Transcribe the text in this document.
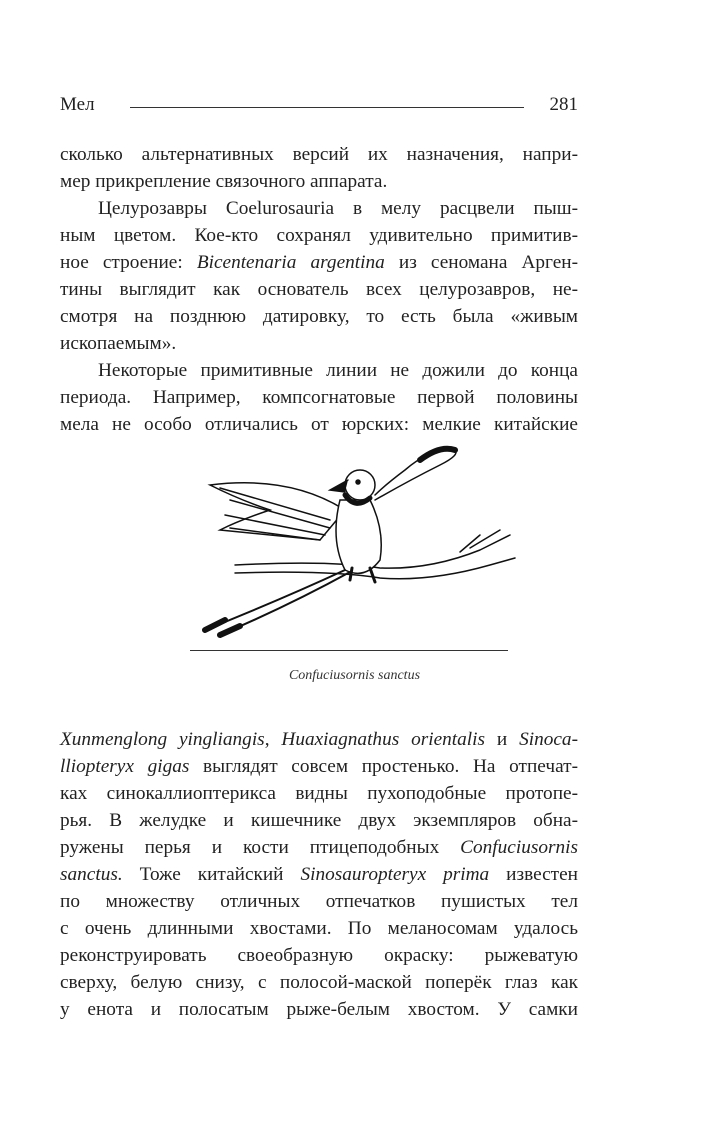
Мел	281
сколько альтернативных версий их назначения, напри-
мер прикрепление связочного аппарата.
Целурозавры Coelurosauria в мелу расцвели пыш-
ным цветом. Кое-кто сохранял удивительно примитив-
ное строение: Bicentenaria argentina из сеномана Арген-
тины выглядит как основатель всех целурозавров, не-
смотря на позднюю датировку, то есть была «живым
ископаемым».
Некоторые примитивные линии не дожили до конца
периода. Например, компсогнатовые первой половины
мела не особо отличались от юрских: мелкие китайские
Confuciusornis sanctus
Xunmenglong yingliangis, Huaxiagnathus orientalis и Sinoca-
lliopteryx gigas выглядят совсем простенько. На отпечат-
ках синокаллиоптерикса видны пухоподобные протопе-
рья. В желудке и кишечнике двух экземпляров обна-
ружены перья и кости птицеподобных Confuciusornis
sanctus. Тоже китайский Sinosauropteryx prima известен
по множеству отличных отпечатков пушистых тел
с очень длинными хвостами. По меланосомам удалось
реконструировать своеобразную окраску: рыжеватую
сверху, белую снизу, с полосой-маской поперёк глаз как
у енота и полосатым рыже-белым хвостом. У самки
